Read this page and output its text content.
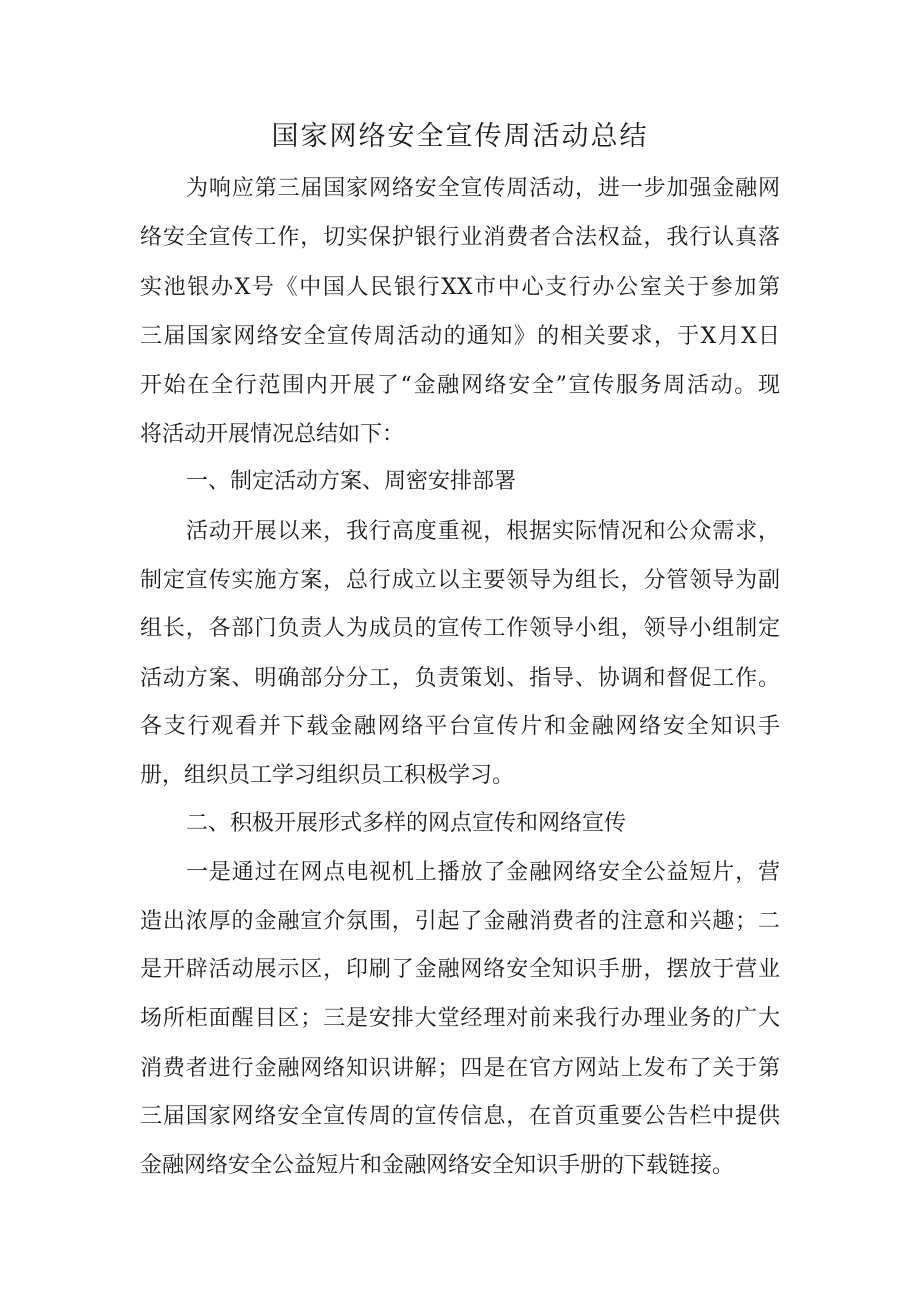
国家网络安全宣传周活动总结
为响应第三届国家网络安全宣传周活动，进一步加强金融网
络安全宣传工作，切实保护银行业消费者合法权益，我行认真落
实池银办X号《中国人民银行XX市中心支行办公室关于参加第
三届国家网络安全宣传周活动的通知》的相关要求，于X月X日
开始在全行范围内开展了“金融网络安全”宣传服务周活动。现
将活动开展情况总结如下：
一、制定活动方案、周密安排部署
活动开展以来，我行高度重视，根据实际情况和公众需求，
制定宣传实施方案，总行成立以主要领导为组长，分管领导为副
组长，各部门负责人为成员的宣传工作领导小组，领导小组制定
活动方案、明确部分分工，负责策划、指导、协调和督促工作。
各支行观看并下载金融网络平台宣传片和金融网络安全知识手
册，组织员工学习组织员工积极学习。
二、积极开展形式多样的网点宣传和网络宣传
一是通过在网点电视机上播放了金融网络安全公益短片，营
造出浓厚的金融宣介氛围，引起了金融消费者的注意和兴趣；二
是开辟活动展示区，印刷了金融网络安全知识手册，摆放于营业
场所柜面醒目区；三是安排大堂经理对前来我行办理业务的广大
消费者进行金融网络知识讲解；四是在官方网站上发布了关于第
三届国家网络安全宣传周的宣传信息，在首页重要公告栏中提供
金融网络安全公益短片和金融网络安全知识手册的下载链接。
